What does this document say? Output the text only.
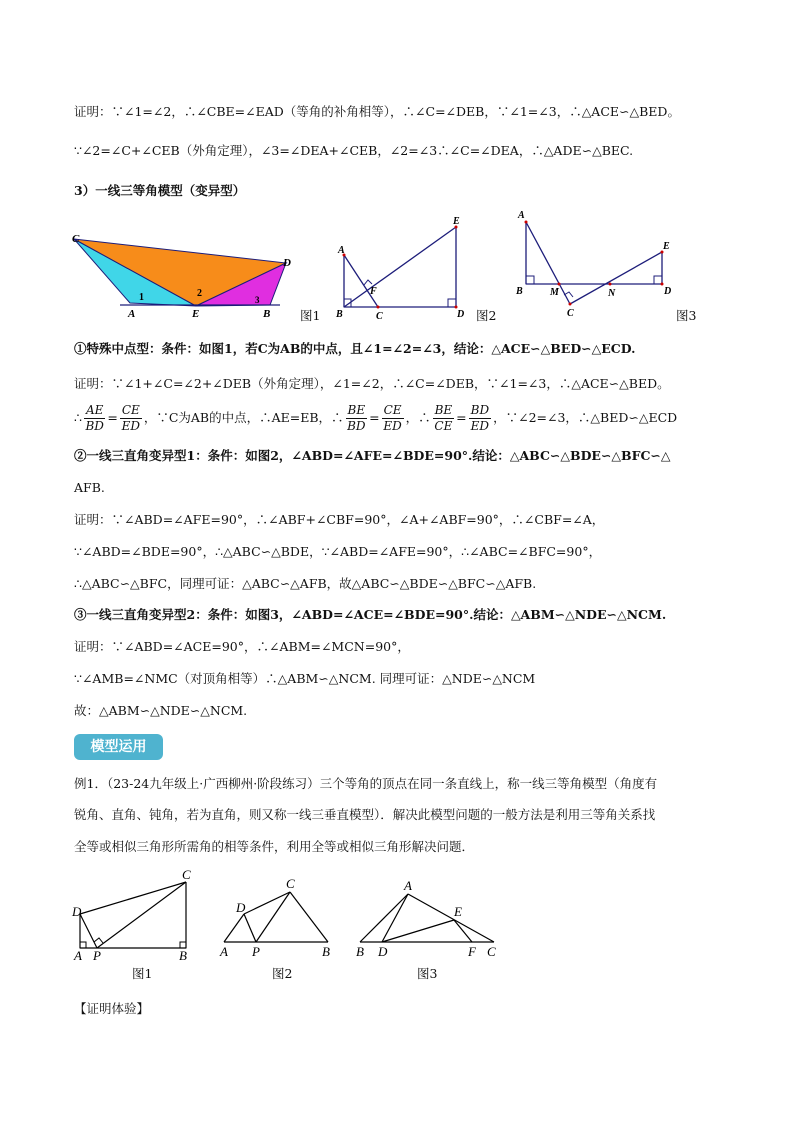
证明：∵∠1=∠2，∴∠CBE=∠EAD（等角的补角相等），∴∠C=∠DEB，∵∠1=∠3，∴△ACE∽△BED。
∵∠2=∠C+∠CEB（外角定理），∠3=∠DEA+∠CEB，∠2=∠3∴∠C=∠DEA，∴△ADE∽△BEC.
3）一线三等角模型（变异型）
C
D
A	E	B
1	2
3
图1
A
E
F
B	C	D 图2
A
E
B	M
C
N	D
图3
①特殊中点型：条件：如图1，若C为AB的中点，且∠1=∠2=∠3，结论：△ACE∽△BED∽△ECD.
证明：∵∠1+∠C=∠2+∠DEB（外角定理），∠1=∠2，∴∠C=∠DEB，∵∠1=∠3，∴△ACE∽△BED。
∴ $\frac{AE}{BD} = \frac{CE}{ED}$ ，∵C为AB的中点，∴AE=EB，∴ $\frac{BE}{BD} = \frac{CE}{ED}$ ，∴ $\frac{BE}{CE} = \frac{BD}{ED}$ ，∵∠2=∠3，∴△BED∽△ECD
②一线三直角变异型1：条件：如图2，∠ABD=∠AFE=∠BDE=90°.结论：△ABC∽△BDE∽△BFC∽△
AFB.
证明：∵∠ABD=∠AFE=90°，∴∠ABF+∠CBF=90°，∠A+∠ABF=90°，∴∠CBF=∠A，
∵∠ABD=∠BDE=90°，∴△ABC∽△BDE，∵∠ABD=∠AFE=90°，∴∠ABC=∠BFC=90°，
∴△ABC∽△BFC，同理可证：△ABC∽△AFB，故△ABC∽△BDE∽△BFC∽△AFB.
③一线三直角变异型2：条件：如图3，∠ABD=∠ACE=∠BDE=90°.结论：△ABM∽△NDE∽△NCM.
证明：∵∠ABD=∠ACE=90°，∴∠ABM=∠MCN=90°，
∵∠AMB=∠NMC（对顶角相等）∴△ABM∽△NCM. 同理可证：△NDE∽△NCM
故：△ABM∽△NDE∽△NCM.
模型运用
例1．（23-24九年级上·广西柳州·阶段练习）三个等角的顶点在同一条直线上，称一线三等角模型（角度有
锐角、直角、钝角，若为直角，则又称一线三垂直模型）．解决此模型问题的一般方法是利用三等角关系找
全等或相似三角形所需角的相等条件，利用全等或相似三角形解决问题．
C
D
A P	B
图1
C
D
A P	B
图2
A
E
B D	F C
图3
【证明体验】
